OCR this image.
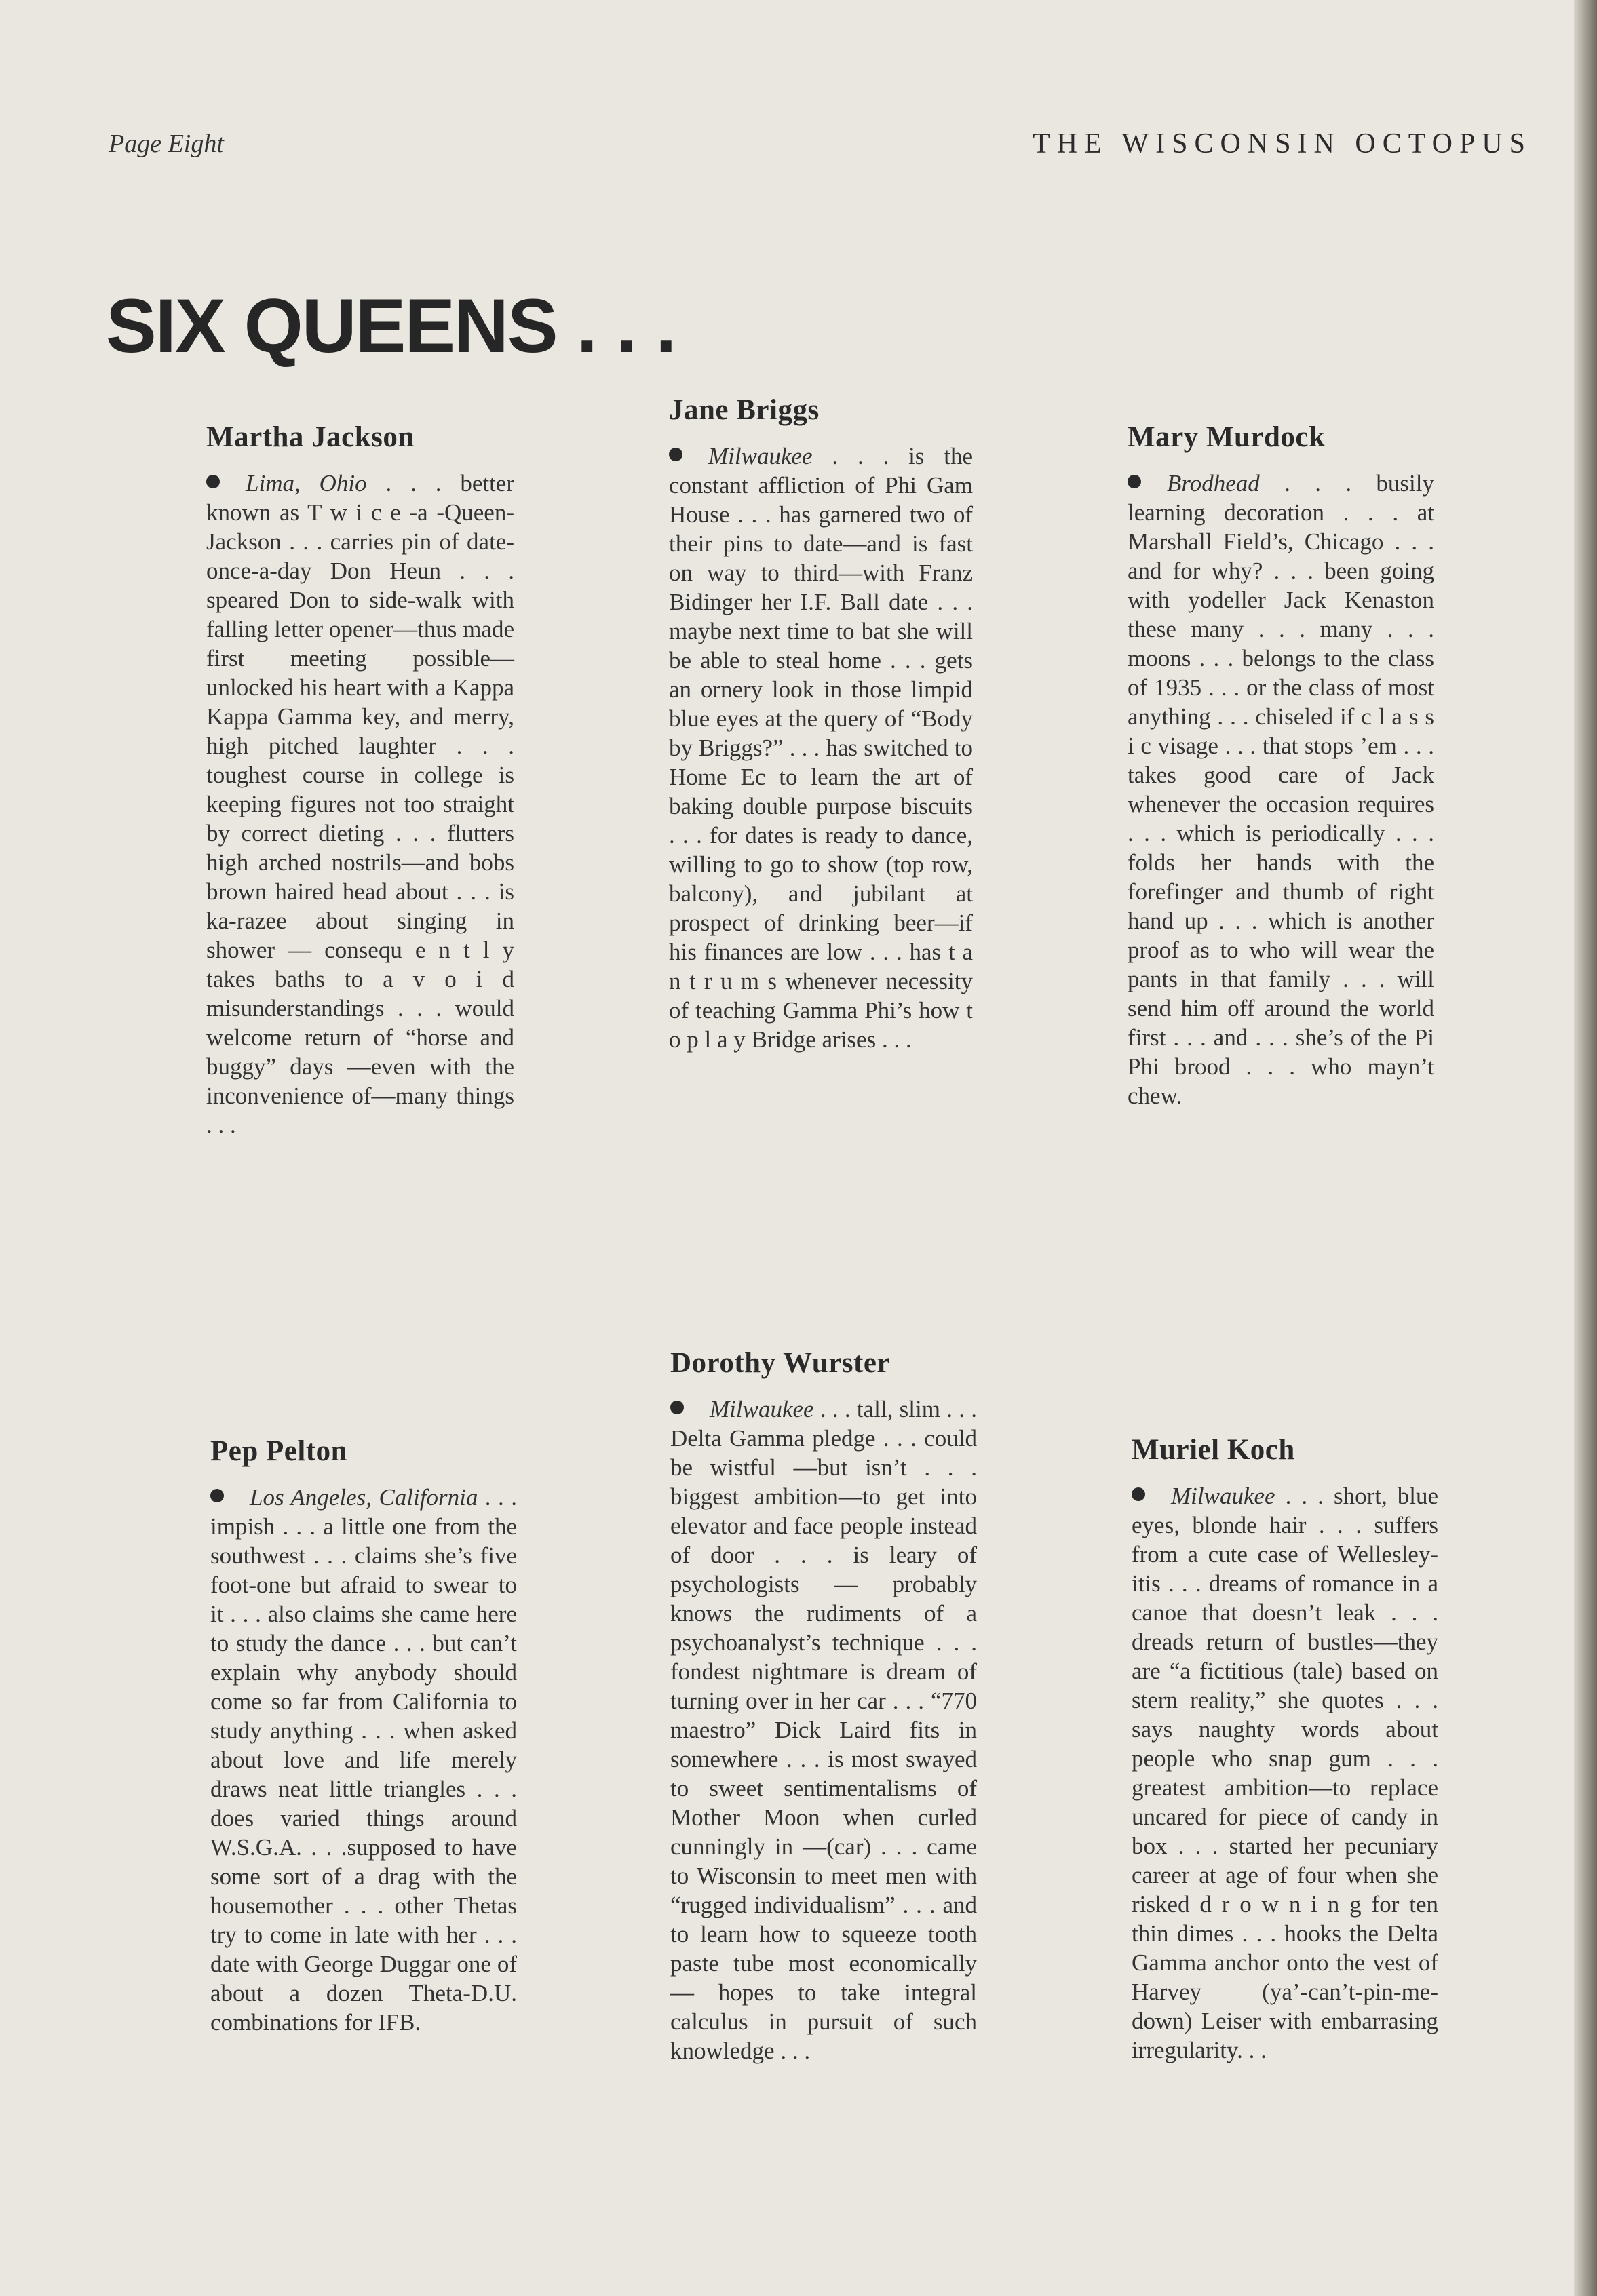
Page Eight	THE WISCONSIN OCTOPUS
SIX QUEENS . . .
Martha Jackson
Lima, Ohio . . . better known as T w i c e -a -Queen-Jackson . . . carries pin of date-once-a-day Don Heun . . . speared Don to side-walk with falling letter opener—thus made first meeting possible—unlocked his heart with a Kappa Kappa Gamma key, and merry, high pitched laughter . . . toughest course in college is keeping figures not too straight by correct dieting . . . flutters high arched nostrils—and bobs brown haired head about . . . is ka-razee about singing in shower — consequ e n t l y takes baths to a v o i d misunderstandings . . . would welcome return of “horse and buggy” days —even with the inconvenience of—many things . . .
Jane Briggs
Milwaukee . . . is the constant affliction of Phi Gam House . . . has garnered two of their pins to date—and is fast on way to third—with Franz Bidinger her I.F. Ball date . . . maybe next time to bat she will be able to steal home . . . gets an ornery look in those limpid blue eyes at the query of “Body by Briggs?” . . . has switched to Home Ec to learn the art of baking double purpose biscuits . . . for dates is ready to dance, willing to go to show (top row, balcony), and jubilant at prospect of drinking beer—if his finances are low . . . has t a n t r u m s whenever necessity of teaching Gamma Phi’s how t o p l a y Bridge arises . . .
Mary Murdock
Brodhead . . . busily learning decoration . . . at Marshall Field’s, Chicago . . . and for why? . . . been going with yodeller Jack Kenaston these many . . . many . . . moons . . . belongs to the class of 1935 . . . or the class of most anything . . . chiseled if c l a s s i c visage . . . that stops ’em . . . takes good care of Jack whenever the occasion requires . . . which is periodically . . . folds her hands with the forefinger and thumb of right hand up . . . which is another proof as to who will wear the pants in that family . . . will send him off around the world first . . . and . . . she’s of the Pi Phi brood . . . who mayn’t chew.
Pep Pelton
Los Angeles, California . . . impish . . . a little one from the southwest . . . claims she’s five foot-one but afraid to swear to it . . . also claims she came here to study the dance . . . but can’t explain why anybody should come so far from California to study anything . . . when asked about love and life merely draws neat little triangles . . . does varied things around W.S.G.A. . . .supposed to have some sort of a drag with the housemother . . . other Thetas try to come in late with her . . . date with George Duggar one of about a dozen Theta-D.U. combinations for IFB.
Dorothy Wurster
Milwaukee . . . tall, slim . . . Delta Gamma pledge . . . could be wistful —but isn’t . . . biggest ambition—to get into elevator and face people instead of door . . . is leary of psychologists — probably knows the rudiments of a psychoanalyst’s technique . . . fondest nightmare is dream of turning over in her car . . . “770 maestro” Dick Laird fits in somewhere . . . is most swayed to sweet sentimentalisms of Mother Moon when curled cunningly in —(car) . . . came to Wisconsin to meet men with “rugged individualism” . . . and to learn how to squeeze tooth paste tube most economically — hopes to take integral calculus in pursuit of such knowledge . . .
Muriel Koch
Milwaukee . . . short, blue eyes, blonde hair . . . suffers from a cute case of Wellesley-itis . . . dreams of romance in a canoe that doesn’t leak . . . dreads return of bustles—they are “a fictitious (tale) based on stern reality,” she quotes . . . says naughty words about people who snap gum . . . greatest ambition—to replace uncared for piece of candy in box . . . started her pecuniary career at age of four when she risked d r o w n i n g for ten thin dimes . . . hooks the Delta Gamma anchor onto the vest of Harvey (ya’-can’t-pin-me-down) Leiser with embarrasing irregularity. . .
